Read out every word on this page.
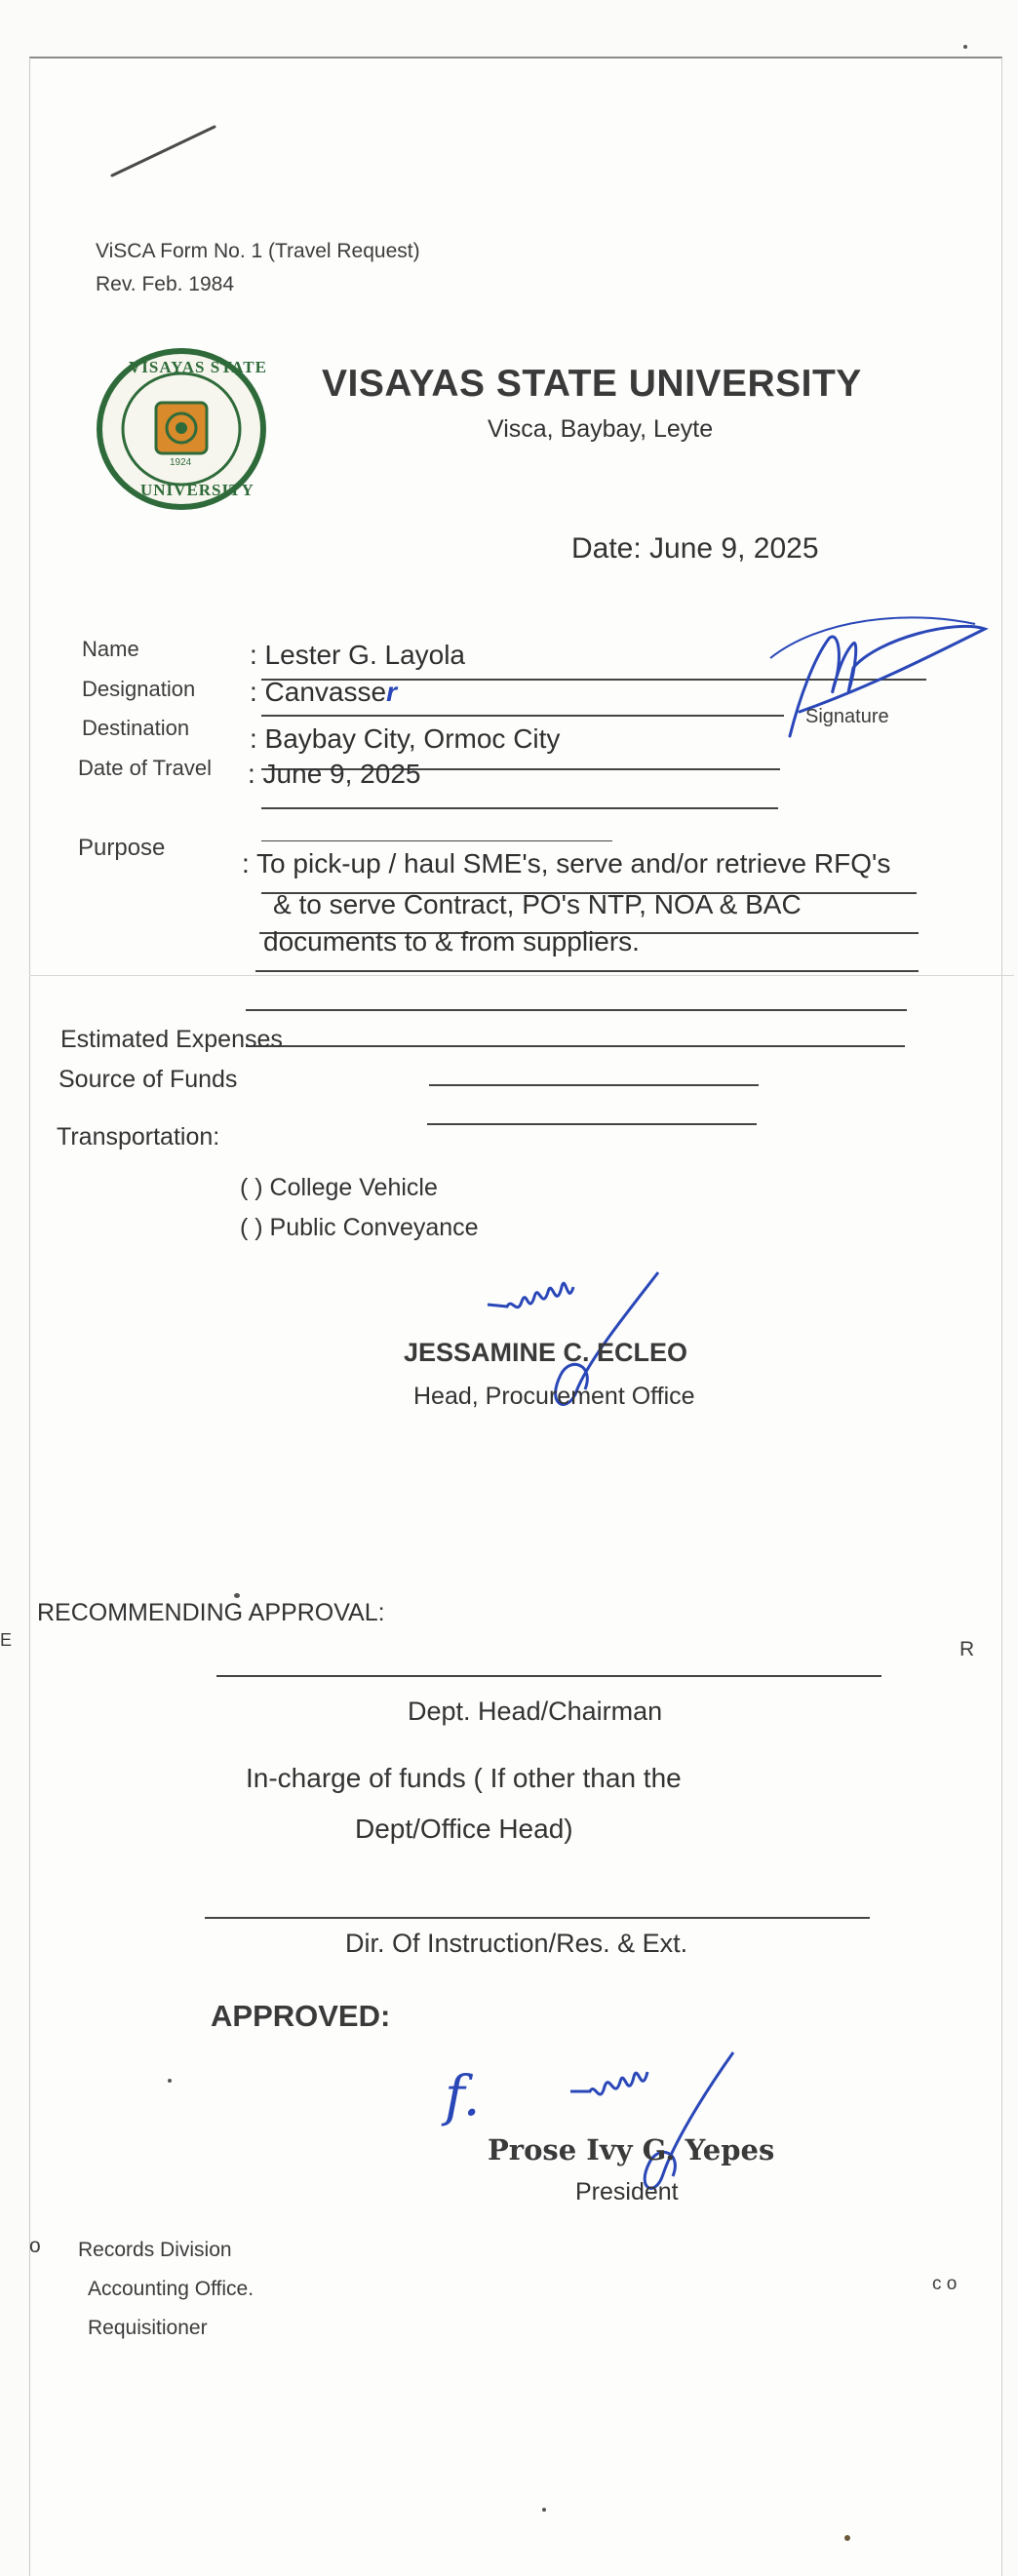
ViSCA Form No. 1 (Travel Request)
Rev. Feb. 1984
VISAYAS STATE
UNIVERSITY
1924
VISAYAS STATE UNIVERSITY
Visca, Baybay, Leyte
Date: June 9, 2025
Name	: Lester G. Layola
Designation : Canvasser
Destination : Baybay City, Ormoc City
Date of Travel : June 9, 2025
Signature
Purpose
: To pick-up / haul SME's, serve and/or retrieve RFQ's
& to serve Contract, PO's NTP, NOA & BAC
documents to & from suppliers.
Estimated Expenses
Source of Funds
Transportation:
( ) College Vehicle
( ) Public Conveyance
JESSAMINE C. ECLEO
Head, Procurement Office
RECOMMENDING APPROVAL:
Dept. Head/Chairman
In-charge of funds ( If other than the
Dept/Office Head)
Dir. Of Instruction/Res. & Ext.
APPROVED:
f.
Prose Ivy G. Yepes
President
o Records Division
Accounting Office.
Requisitioner
R
c o
E
